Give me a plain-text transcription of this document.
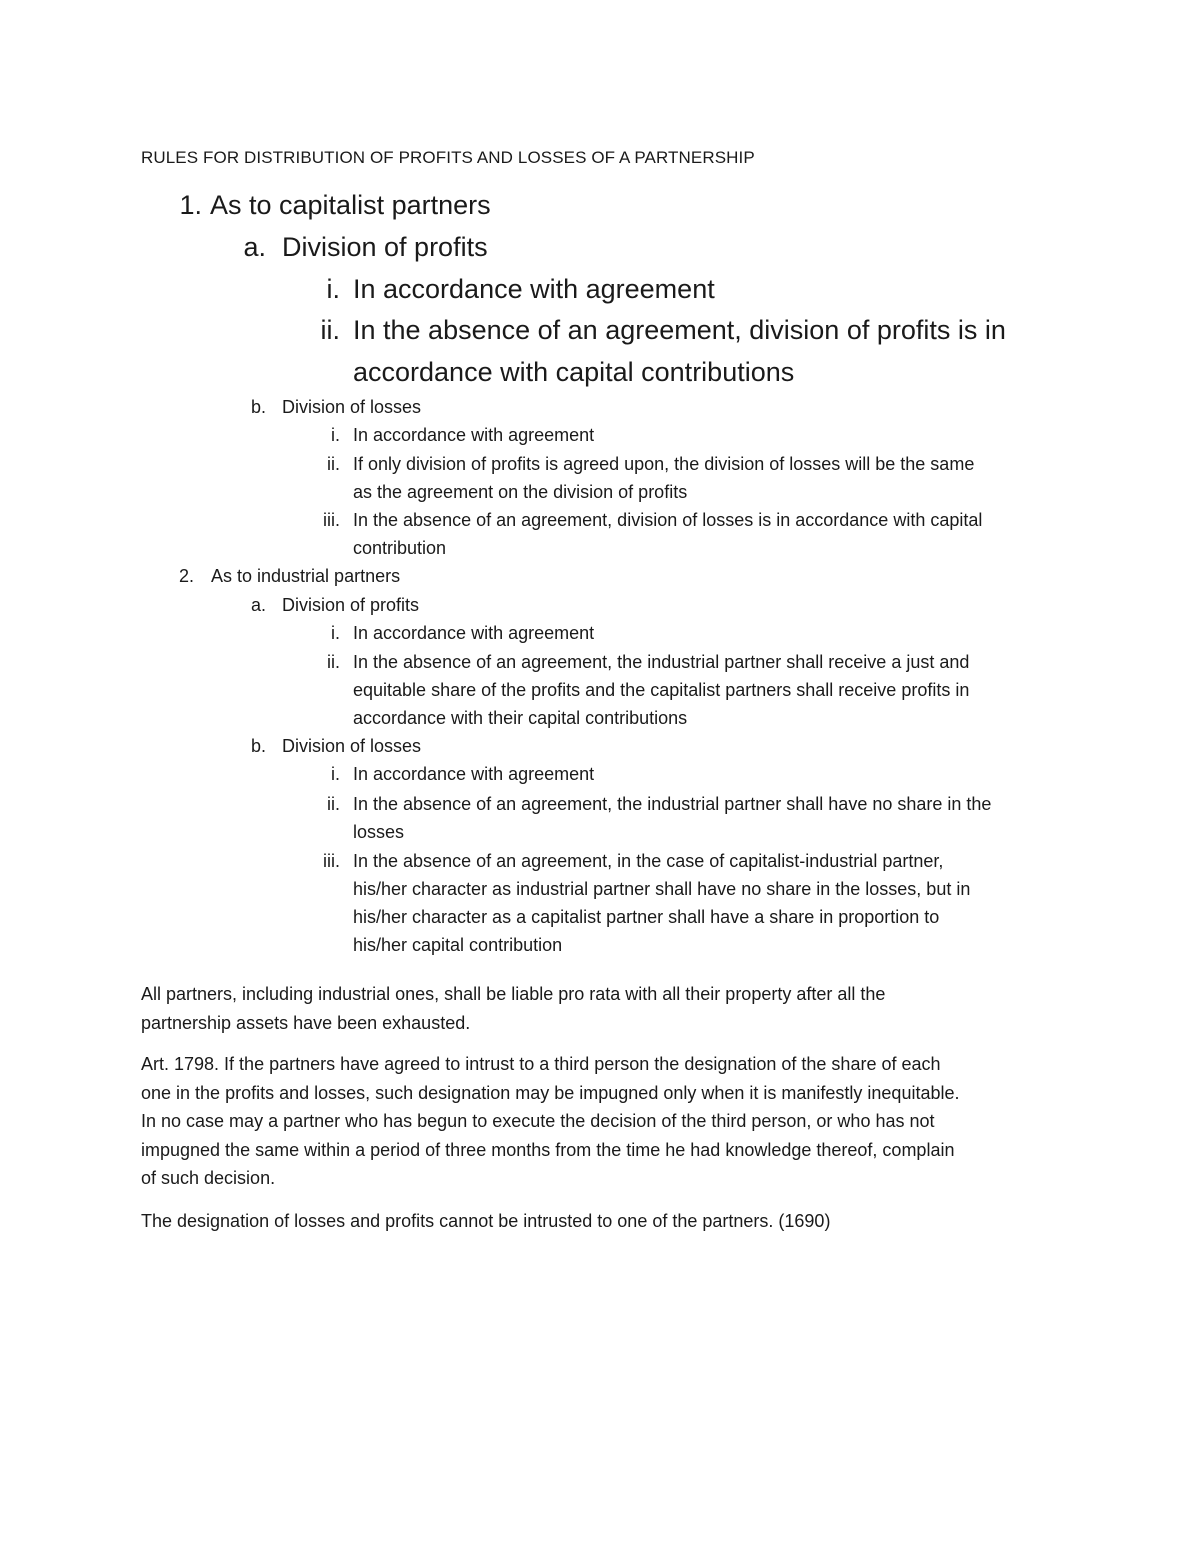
RULES FOR DISTRIBUTION OF PROFITS AND LOSSES OF A PARTNERSHIP
1. As to capitalist partners
a. Division of profits
i. In accordance with agreement
ii. In the absence of an agreement, division of profits is in
accordance with capital contributions
b. Division of losses
i. In accordance with agreement
ii. If only division of profits is agreed upon, the division of losses will be the same
as the agreement on the division of profits
iii. In the absence of an agreement, division of losses is in accordance with capital
contribution
2. As to industrial partners
a. Division of profits
i. In accordance with agreement
ii. In the absence of an agreement, the industrial partner shall receive a just and
equitable share of the profits and the capitalist partners shall receive profits in
accordance with their capital contributions
b. Division of losses
i. In accordance with agreement
ii. In the absence of an agreement, the industrial partner shall have no share in the
losses
iii. In the absence of an agreement, in the case of capitalist-industrial partner,
his/her character as industrial partner shall have no share in the losses, but in
his/her character as a capitalist partner shall have a share in proportion to
his/her capital contribution
All partners, including industrial ones, shall be liable pro rata with all their property after all the
partnership assets have been exhausted.
Art. 1798. If the partners have agreed to intrust to a third person the designation of the share of each
one in the profits and losses, such designation may be impugned only when it is manifestly inequitable.
In no case may a partner who has begun to execute the decision of the third person, or who has not
impugned the same within a period of three months from the time he had knowledge thereof, complain
of such decision.
The designation of losses and profits cannot be intrusted to one of the partners. (1690)
